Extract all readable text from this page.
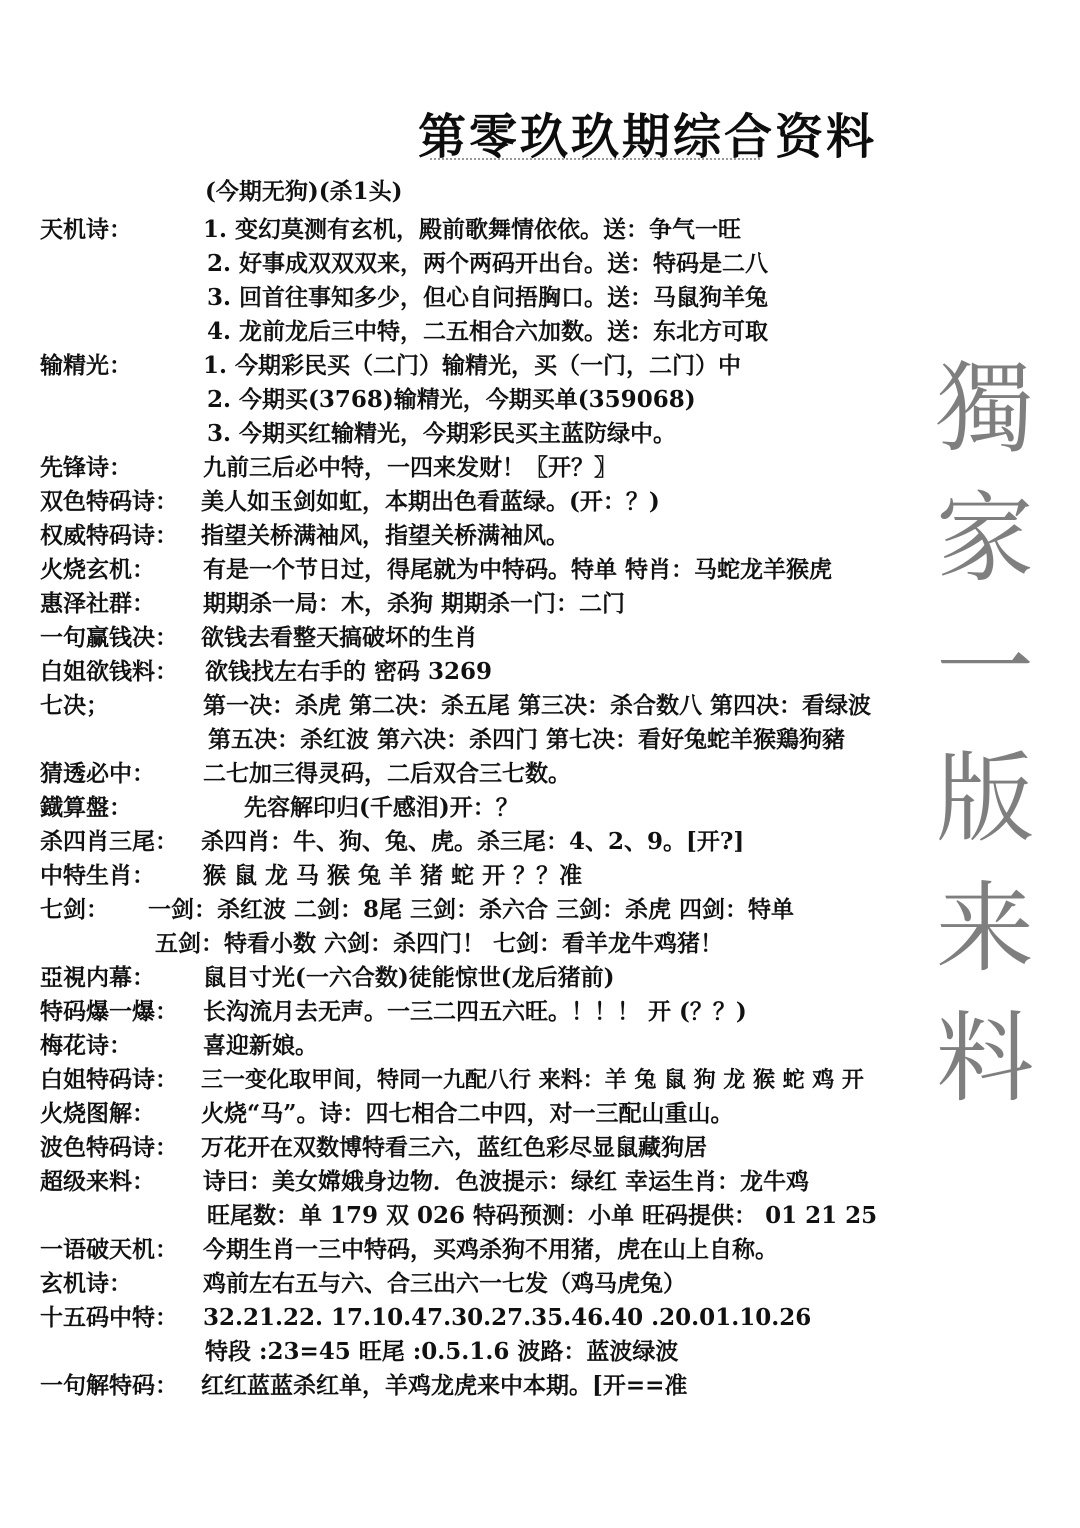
第零玖玖期综合资料
(今期无狗)(杀1头)
獨
家
一
版
来
料
天机诗：	1. 变幻莫测有玄机，殿前歌舞情依依。送：争气一旺
2. 好事成双双双来，两个两码开出台。送：特码是二八
3. 回首往事知多少，但心自问捂胸口。送：马鼠狗羊兔
4. 龙前龙后三中特，二五相合六加数。送：东北方可取
输精光：	1. 今期彩民买（二门）输精光，买（一门，二门）中
2. 今期买(3768)输精光，今期买单(359068)
3. 今期买红输精光，今期彩民买主蓝防绿中。
先锋诗：	九前三后必中特，一四来发财！〖开？〗
双色特码诗： 美人如玉剑如虹，本期出色看蓝绿。(开：？)
权威特码诗： 指望关桥满袖风，指望关桥满袖风。
火烧玄机： 有是一个节日过，得尾就为中特码。特单 特肖：马蛇龙羊猴虎
惠泽社群： 期期杀一局：木，杀狗 期期杀一门：二门
一句赢钱决： 欲钱去看整天搞破坏的生肖
白姐欲钱料： 欲钱找左右手的 密码 3269
七决；	第一决：杀虎 第二决：杀五尾 第三决：杀合数八 第四决：看绿波
第五决：杀红波 第六决：杀四门 第七决：看好兔蛇羊猴鶏狗豬
猜透必中： 二七加三得灵码，二后双合三七数。
鐡算盤：	先容解印归(千感泪)开：？
杀四肖三尾： 杀四肖：牛、狗、兔、虎。杀三尾：4、2、9。[开?]
中特生肖： 猴 鼠 龙 马 猴 兔 羊 猪 蛇 开 ？？准
七剑： 一剑：杀红波 二剑：8尾 三剑：杀六合 三剑：杀虎 四剑：特单
五剑：特看小数 六剑：杀四门！ 七剑：看羊龙牛鸡猪！
亞視内幕： 鼠目寸光(一六合数)徒能惊世(龙后猪前)
特码爆一爆： 长沟流月去无声。一三二四五六旺。！！！ 开 (？？)
梅花诗：	喜迎新娘。
白姐特码诗： 三一变化取甲间，特同一九配八行 来料：羊 兔 鼠 狗 龙 猴 蛇 鸡 开
火烧图解： 火烧“马”。诗：四七相合二中四，对一三配山重山。
波色特码诗： 万花开在双数博特看三六，蓝红色彩尽显鼠藏狗居
超级来料： 诗曰：美女嫦娥身边物．色波提示：绿红 幸运生肖：龙牛鸡
旺尾数：单 179 双 026 特码预测：小单 旺码提供： 01 21 25
一语破天机： 今期生肖一三中特码，买鸡杀狗不用猪，虎在山上自称。
玄机诗：	鸡前左右五与六、合三出六一七发（鸡马虎兔）
十五码中特： 32.21.22. 17.10.47.30.27.35.46.40 .20.01.10.26
特段 :23=45 旺尾 :0.5.1.6 波路：蓝波绿波
一句解特码： 红红蓝蓝杀红单，羊鸡龙虎来中本期。[开==准
